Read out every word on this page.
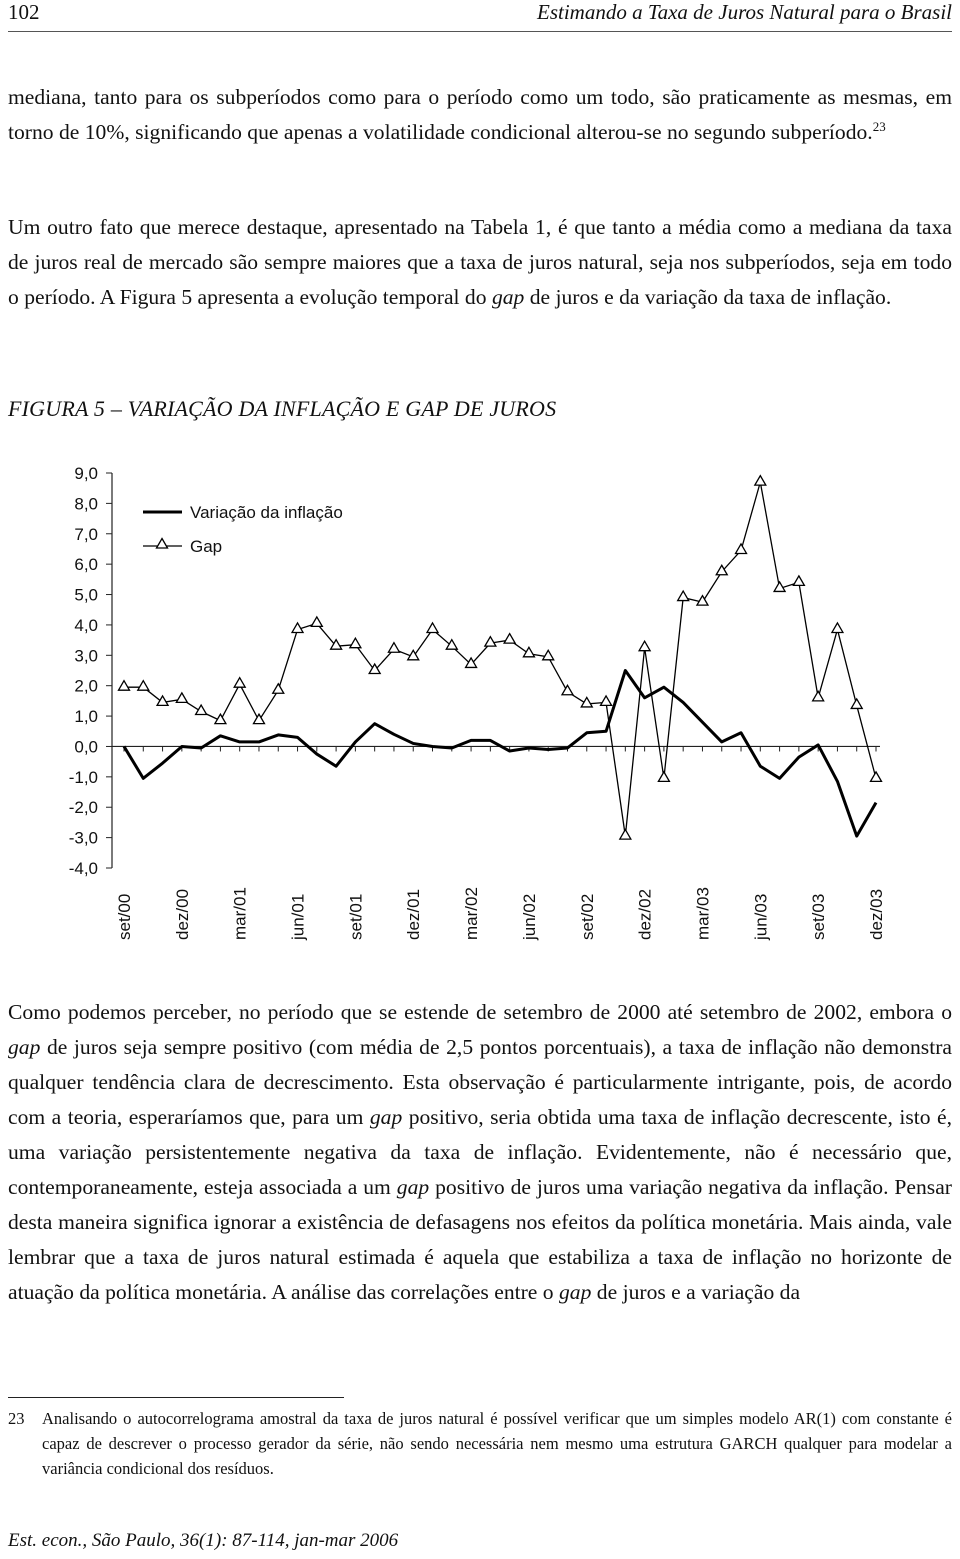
102	Estimando a Taxa de Juros Natural para o Brasil

mediana, tanto para os subperíodos como para o período como um todo, são praticamente as mesmas, em torno de 10%, significando que apenas a volatilidade condicional alterou-se no segundo subperíodo.$^{23}$

Um outro fato que merece destaque, apresentado na Tabela 1, é que tanto a média como a mediana da taxa de juros real de mercado são sempre maiores que a taxa de juros natural, seja nos subperíodos, seja em todo o período. A Figura 5 apresenta a evolução temporal do gap de juros e da variação da taxa de inflação.

FIGURA 5 – VARIAÇÃO DA INFLAÇÃO E GAP DE JUROS

9,0
8,0
7,0
6,0
5,0
4,0
3,0
2,0
1,0
0,0
-1,0
-2,0
-3,0
-4,0
set/00 dez/00 mar/01 jun/01 set/01 dez/01 mar/02 jun/02 set/02 dez/02 mar/03 jun/03 set/03 dez/03
Variação da inflação
Gap

Como podemos perceber, no período que se estende de setembro de 2000 até setembro de 2002, embora o gap de juros seja sempre positivo (com média de 2,5 pontos porcentuais), a taxa de inflação não demonstra qualquer tendência clara de decrescimento. Esta observação é particularmente intrigante, pois, de acordo com a teoria, esperaríamos que, para um gap positivo, seria obtida uma taxa de inflação decrescente, isto é, uma variação persistentemente negativa da taxa de inflação. Evidentemente, não é necessário que, contemporaneamente, esteja associada a um gap positivo de juros uma variação negativa da inflação. Pensar desta maneira significa ignorar a existência de defasagens nos efeitos da política monetária. Mais ainda, vale lembrar que a taxa de juros natural estimada é aquela que estabiliza a taxa de inflação no horizonte de atuação da política monetária. A análise das correlações entre o gap de juros e a variação da

23 Analisando o autocorrelograma amostral da taxa de juros natural é possível verificar que um simples modelo AR(1) com constante é capaz de descrever o processo gerador da série, não sendo necessária nem mesmo uma estrutura GARCH qualquer para modelar a variância condicional dos resíduos.
Est. econ., São Paulo, 36(1): 87-114, jan-mar 2006
